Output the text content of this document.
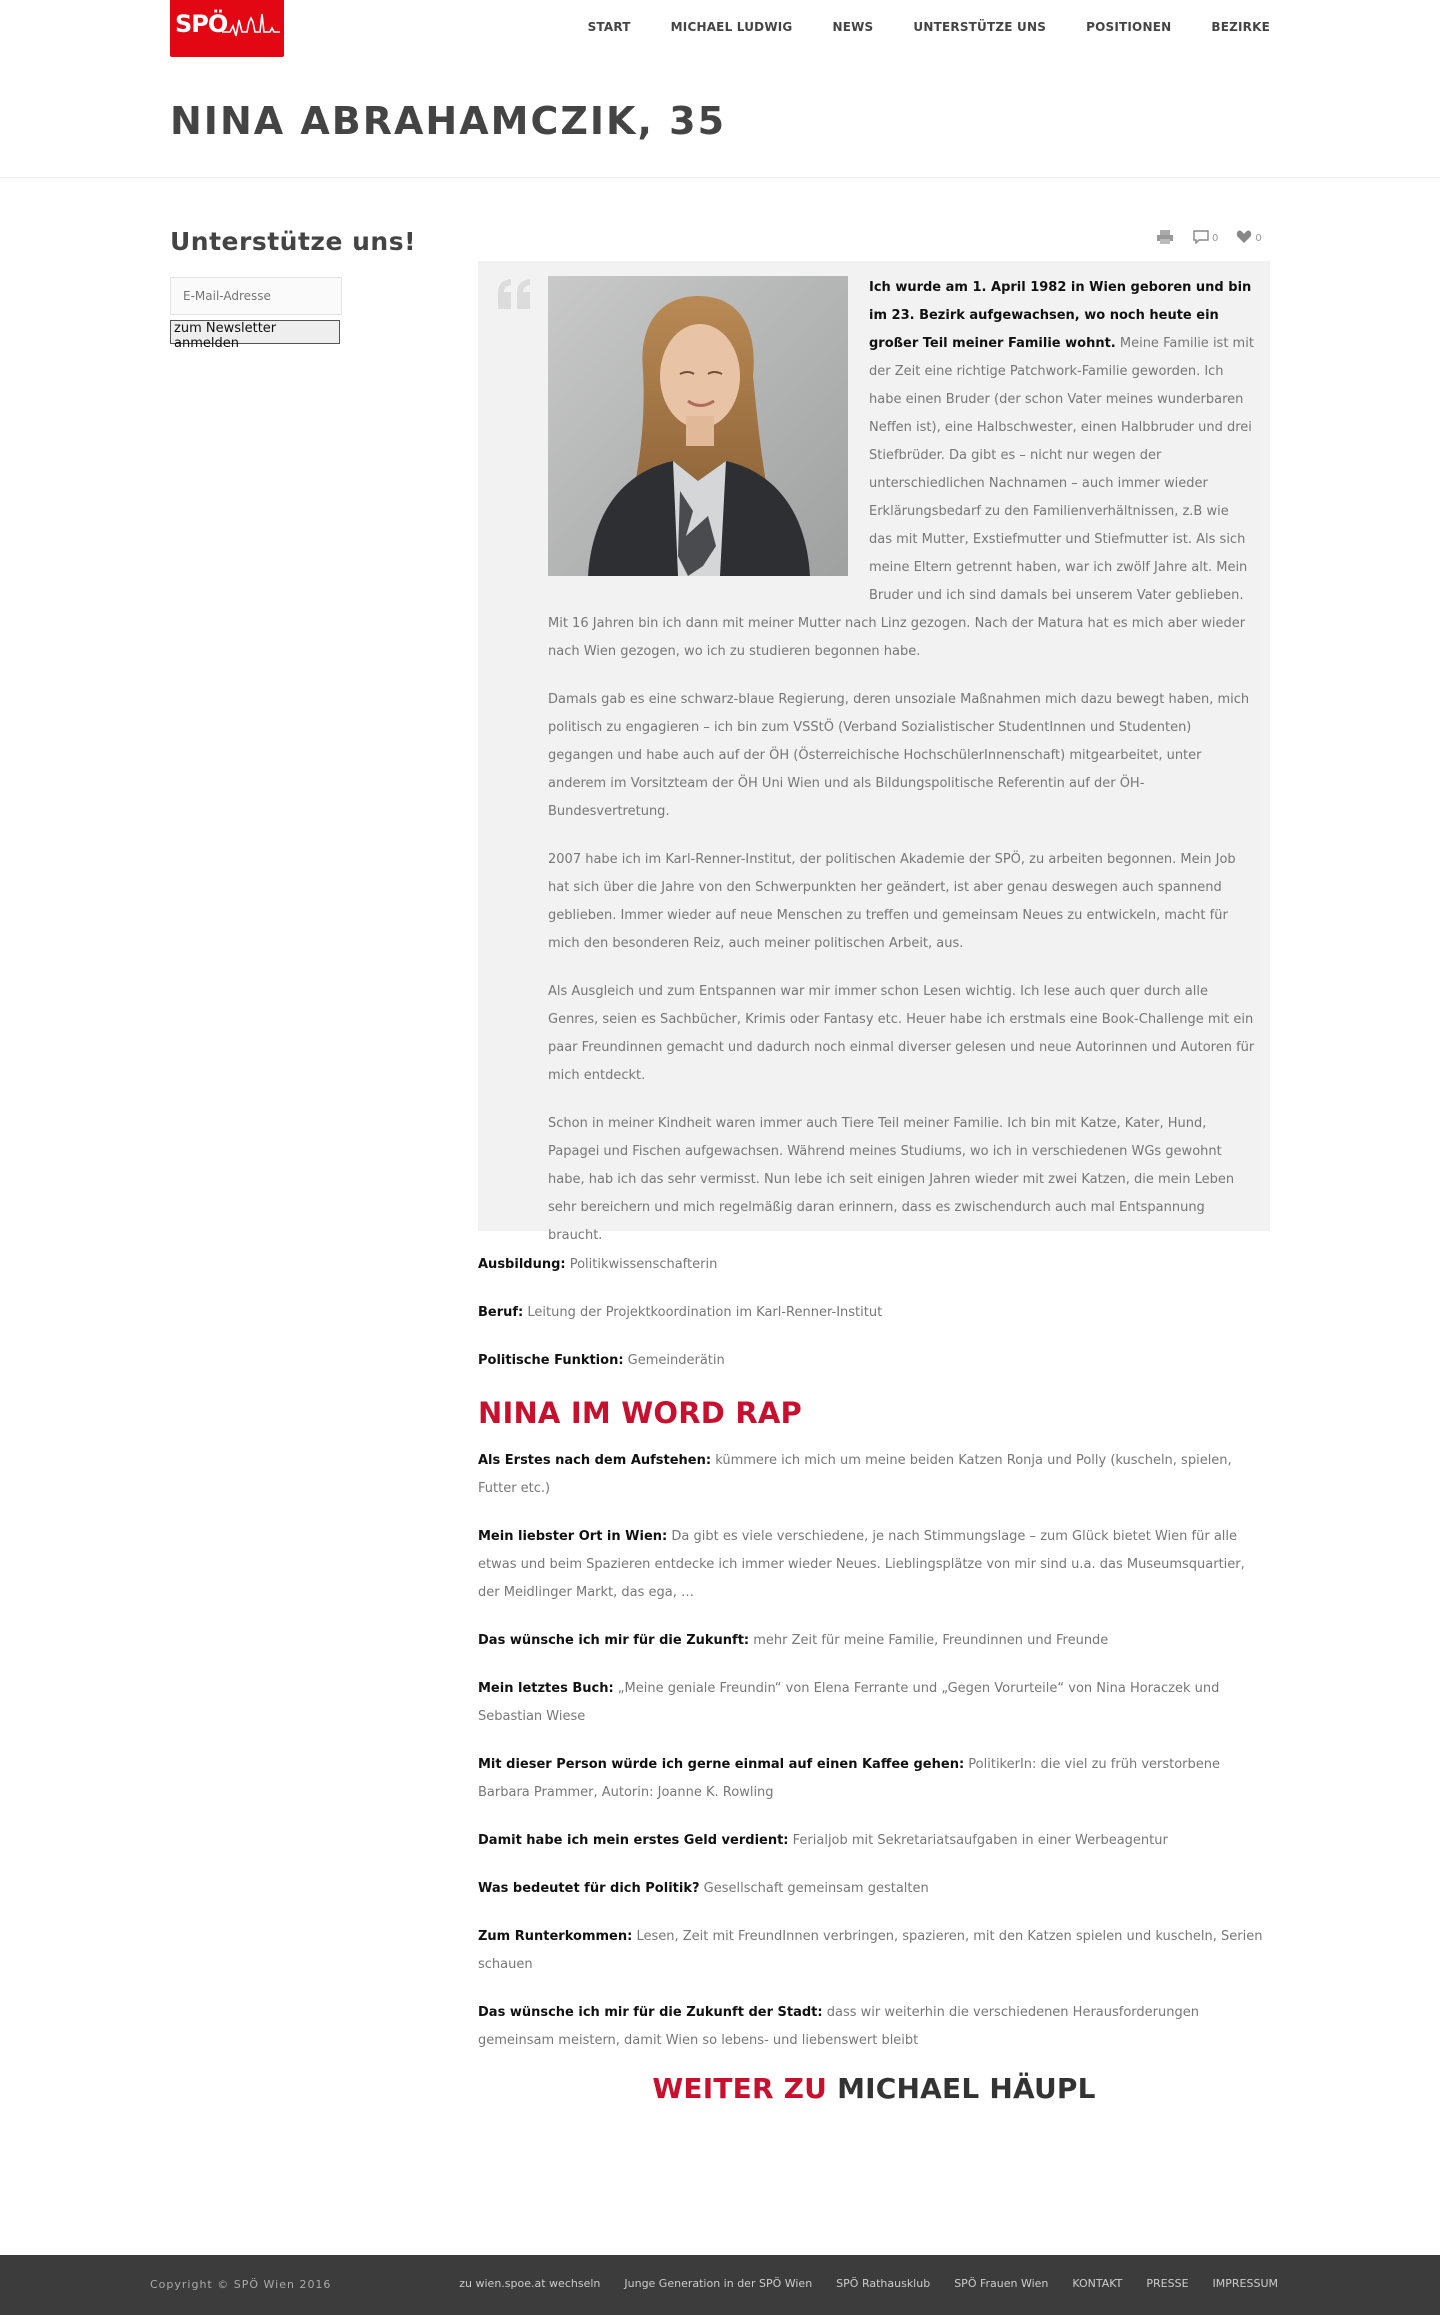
SPÖ	START	MICHAEL LUDWIG	NEWS	UNTERSTÜTZE UNS	POSITIONEN	BEZIRKE
NINA ABRAHAMCZIK, 35
Unterstütze uns!
E-Mail-Adresse
zum Newsletter anmelden
0	0

Ich wurde am 1. April 1982 in Wien geboren und bin im 23. Bezirk aufgewachsen, wo noch heute ein großer Teil meiner Familie wohnt. Meine Familie ist mit der Zeit eine richtige Patchwork-Familie geworden. Ich habe einen Bruder (der schon Vater meines wunderbaren Neffen ist), eine Halbschwester, einen Halbbruder und drei Stiefbrüder. Da gibt es – nicht nur wegen der unterschiedlichen Nachnamen – auch immer wieder Erklärungsbedarf zu den Familienverhältnissen, z.B wie das mit Mutter, Exstiefmutter und Stiefmutter ist. Als sich meine Eltern getrennt haben, war ich zwölf Jahre alt. Mein Bruder und ich sind damals bei unserem Vater geblieben. Mit 16 Jahren bin ich dann mit meiner Mutter nach Linz gezogen. Nach der Matura hat es mich aber wieder nach Wien gezogen, wo ich zu studieren begonnen habe.

Damals gab es eine schwarz-blaue Regierung, deren unsoziale Maßnahmen mich dazu bewegt haben, mich politisch zu engagieren – ich bin zum VSStÖ (Verband Sozialistischer StudentInnen und Studenten) gegangen und habe auch auf der ÖH (Österreichische HochschülerInnenschaft) mitgearbeitet, unter anderem im Vorsitzteam der ÖH Uni Wien und als Bildungspolitische Referentin auf der ÖH-Bundesvertretung.

2007 habe ich im Karl-Renner-Institut, der politischen Akademie der SPÖ, zu arbeiten begonnen. Mein Job hat sich über die Jahre von den Schwerpunkten her geändert, ist aber genau deswegen auch spannend geblieben. Immer wieder auf neue Menschen zu treffen und gemeinsam Neues zu entwickeln, macht für mich den besonderen Reiz, auch meiner politischen Arbeit, aus.

Als Ausgleich und zum Entspannen war mir immer schon Lesen wichtig. Ich lese auch quer durch alle Genres, seien es Sachbücher, Krimis oder Fantasy etc. Heuer habe ich erstmals eine Book-Challenge mit ein paar Freundinnen gemacht und dadurch noch einmal diverser gelesen und neue Autorinnen und Autoren für mich entdeckt.

Schon in meiner Kindheit waren immer auch Tiere Teil meiner Familie. Ich bin mit Katze, Kater, Hund, Papagei und Fischen aufgewachsen. Während meines Studiums, wo ich in verschiedenen WGs gewohnt habe, hab ich das sehr vermisst. Nun lebe ich seit einigen Jahren wieder mit zwei Katzen, die mein Leben sehr bereichern und mich regelmäßig daran erinnern, dass es zwischendurch auch mal Entspannung braucht.

Ausbildung: Politikwissenschafterin

Beruf: Leitung der Projektkoordination im Karl-Renner-Institut

Politische Funktion: Gemeinderätin

NINA IM WORD RAP

Als Erstes nach dem Aufstehen: kümmere ich mich um meine beiden Katzen Ronja und Polly (kuscheln, spielen, Futter etc.)

Mein liebster Ort in Wien: Da gibt es viele verschiedene, je nach Stimmungslage – zum Glück bietet Wien für alle etwas und beim Spazieren entdecke ich immer wieder Neues. Lieblingsplätze von mir sind u.a. das Museumsquartier, der Meidlinger Markt, das ega, …

Das wünsche ich mir für die Zukunft: mehr Zeit für meine Familie, Freundinnen und Freunde

Mein letztes Buch: „Meine geniale Freundin“ von Elena Ferrante und „Gegen Vorurteile“ von Nina Horaczek und Sebastian Wiese

Mit dieser Person würde ich gerne einmal auf einen Kaffee gehen: PolitikerIn: die viel zu früh verstorbene Barbara Prammer, Autorin: Joanne K. Rowling

Damit habe ich mein erstes Geld verdient: Ferialjob mit Sekretariatsaufgaben in einer Werbeagentur

Was bedeutet für dich Politik? Gesellschaft gemeinsam gestalten

Zum Runterkommen: Lesen, Zeit mit FreundInnen verbringen, spazieren, mit den Katzen spielen und kuscheln, Serien schauen

Das wünsche ich mir für die Zukunft der Stadt: dass wir weiterhin die verschiedenen Herausforderungen gemeinsam meistern, damit Wien so lebens- und liebenswert bleibt

WEITER ZU MICHAEL HÄUPL
Copyright © SPÖ Wien 2016	zu wien.spoe.at wechseln Junge Generation in der SPÖ Wien SPÖ Rathausklub SPÖ Frauen Wien KONTAKT PRESSE IMPRESSUM
